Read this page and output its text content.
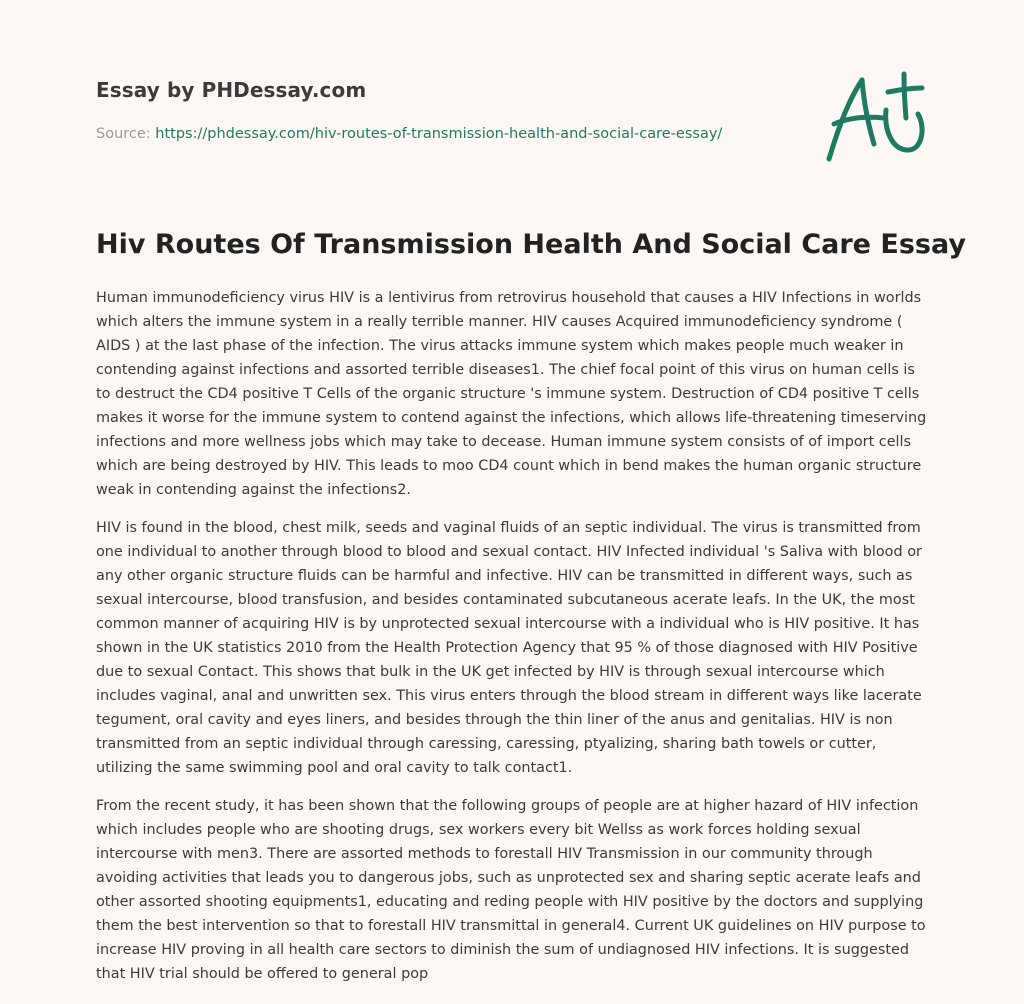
Essay by PHDessay.com
Source: https://phdessay.com/hiv-routes-of-transmission-health-and-social-care-essay/
Hiv Routes Of Transmission Health And Social Care Essay

Human immunodeficiency virus HIV is a lentivirus from retrovirus household that causes a HIV Infections in worlds which alters the immune system in a really terrible manner. HIV causes Acquired immunodeficiency syndrome ( AIDS ) at the last phase of the infection. The virus attacks immune system which makes people much weaker in contending against infections and assorted terrible diseases1. The chief focal point of this virus on human cells is to destruct the CD4 positive T Cells of the organic structure 's immune system. Destruction of CD4 positive T cells makes it worse for the immune system to contend against the infections, which allows life-threatening timeserving infections and more wellness jobs which may take to decease. Human immune system consists of of import cells which are being destroyed by HIV. This leads to moo CD4 count which in bend makes the human organic structure weak in contending against the infections2.

HIV is found in the blood, chest milk, seeds and vaginal fluids of an septic individual. The virus is transmitted from one individual to another through blood to blood and sexual contact. HIV Infected individual 's Saliva with blood or any other organic structure fluids can be harmful and infective. HIV can be transmitted in different ways, such as sexual intercourse, blood transfusion, and besides contaminated subcutaneous acerate leafs. In the UK, the most common manner of acquiring HIV is by unprotected sexual intercourse with a individual who is HIV positive. It has shown in the UK statistics 2010 from the Health Protection Agency that 95 % of those diagnosed with HIV Positive due to sexual Contact. This shows that bulk in the UK get infected by HIV is through sexual intercourse which includes vaginal, anal and unwritten sex. This virus enters through the blood stream in different ways like lacerate tegument, oral cavity and eyes liners, and besides through the thin liner of the anus and genitalias. HIV is non transmitted from an septic individual through caressing, caressing, ptyalizing, sharing bath towels or cutter, utilizing the same swimming pool and oral cavity to talk contact1.

From the recent study, it has been shown that the following groups of people are at higher hazard of HIV infection which includes people who are shooting drugs, sex workers every bit Wellss as work forces holding sexual intercourse with men3. There are assorted methods to forestall HIV Transmission in our community through avoiding activities that leads you to dangerous jobs, such as unprotected sex and sharing septic acerate leafs and other assorted shooting equipments1, educating and reding people with HIV positive by the doctors and supplying them the best intervention so that to forestall HIV transmittal in general4. Current UK guidelines on HIV purpose to increase HIV proving in all health care sectors to diminish the sum of undiagnosed HIV infections. It is suggested that HIV trial should be offered to general pop
